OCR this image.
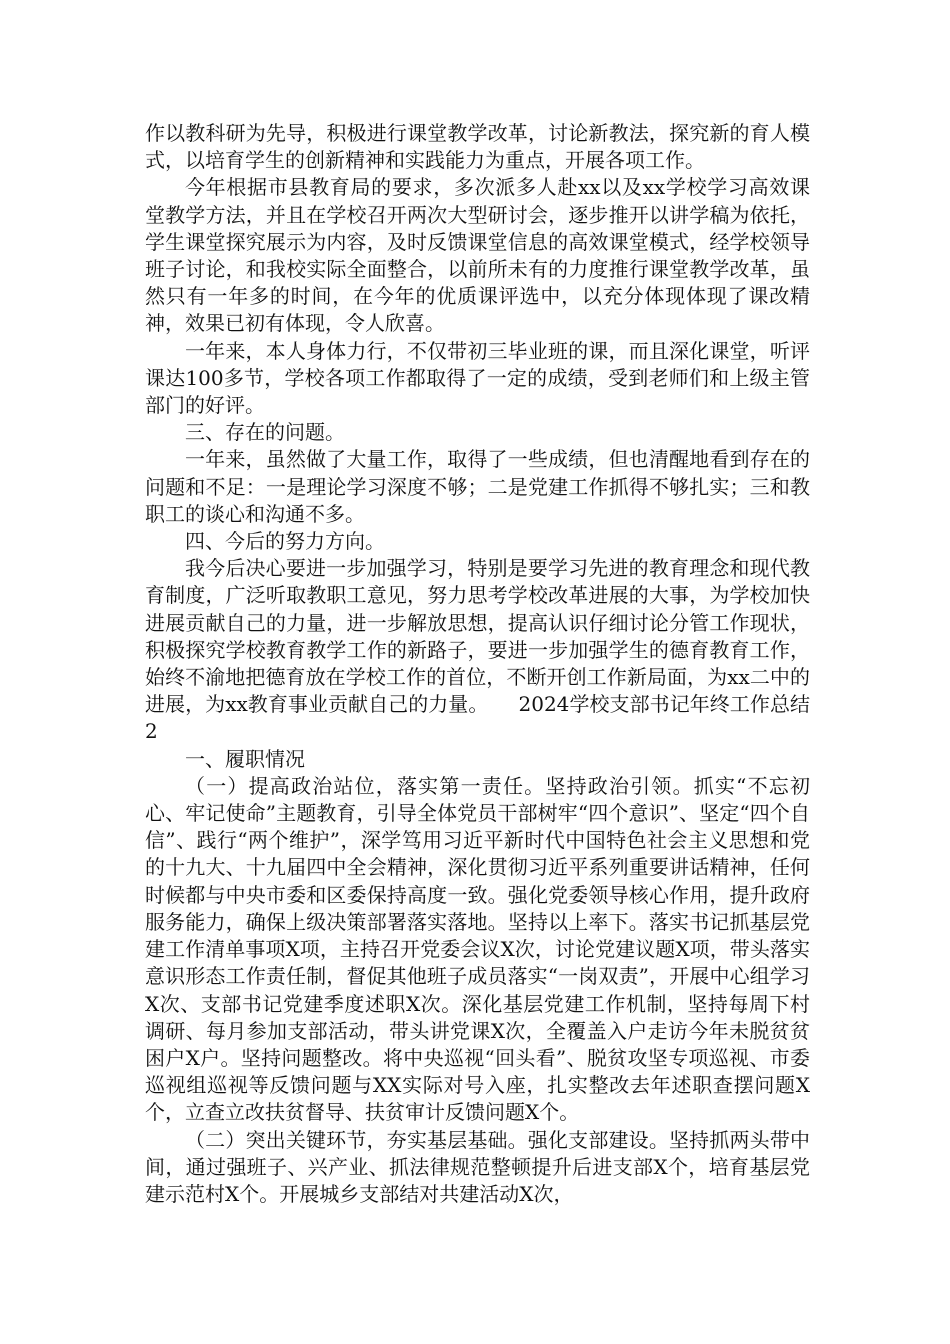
作以教科研为先导，积极进行课堂教学改革，讨论新教法，探究新的育人模式，以培育学生的创新精神和实践能力为重点，开展各项工作。

今年根据市县教育局的要求，多次派多人赴xx以及xx学校学习高效课堂教学方法，并且在学校召开两次大型研讨会，逐步推开以讲学稿为依托，学生课堂探究展示为内容，及时反馈课堂信息的高效课堂模式，经学校领导班子讨论，和我校实际全面整合，以前所未有的力度推行课堂教学改革，虽然只有一年多的时间，在今年的优质课评选中，以充分体现体现了课改精神，效果已初有体现，令人欣喜。

一年来，本人身体力行，不仅带初三毕业班的课，而且深化课堂，听评课达100多节，学校各项工作都取得了一定的成绩，受到老师们和上级主管部门的好评。

三、存在的问题。

一年来，虽然做了大量工作，取得了一些成绩，但也清醒地看到存在的问题和不足：一是理论学习深度不够；二是党建工作抓得不够扎实；三和教职工的谈心和沟通不多。

四、今后的努力方向。

我今后决心要进一步加强学习，特别是要学习先进的教育理念和现代教育制度，广泛听取教职工意见，努力思考学校改革进展的大事，为学校加快进展贡献自己的力量，进一步解放思想，提高认识仔细讨论分管工作现状，积极探究学校教育教学工作的新路子，要进一步加强学生的德育教育工作，始终不渝地把德育放在学校工作的首位，不断开创工作新局面，为xx二中的进展，为xx教育事业贡献自己的力量。　　2024学校支部书记年终工作总结2

一、履职情况

（一）提高政治站位，落实第一责任。坚持政治引领。抓实“不忘初心、牢记使命”主题教育，引导全体党员干部树牢“四个意识”、坚定“四个自信”、践行“两个维护”，深学笃用习近平新时代中国特色社会主义思想和党的十九大、十九届四中全会精神，深化贯彻习近平系列重要讲话精神，任何时候都与中央市委和区委保持高度一致。强化党委领导核心作用，提升政府服务能力，确保上级决策部署落实落地。坚持以上率下。落实书记抓基层党建工作清单事项X项，主持召开党委会议X次，讨论党建议题X项，带头落实意识形态工作责任制，督促其他班子成员落实“一岗双责”，开展中心组学习X次、支部书记党建季度述职X次。深化基层党建工作机制，坚持每周下村调研、每月参加支部活动，带头讲党课X次，全覆盖入户走访今年未脱贫贫困户X户。坚持问题整改。将中央巡视“回头看”、脱贫攻坚专项巡视、市委巡视组巡视等反馈问题与XX实际对号入座，扎实整改去年述职查摆问题X个，立查立改扶贫督导、扶贫审计反馈问题X个。

（二）突出关键环节，夯实基层基础。强化支部建设。坚持抓两头带中间，通过强班子、兴产业、抓法律规范整顿提升后进支部X个，培育基层党建示范村X个。开展城乡支部结对共建活动X次，
